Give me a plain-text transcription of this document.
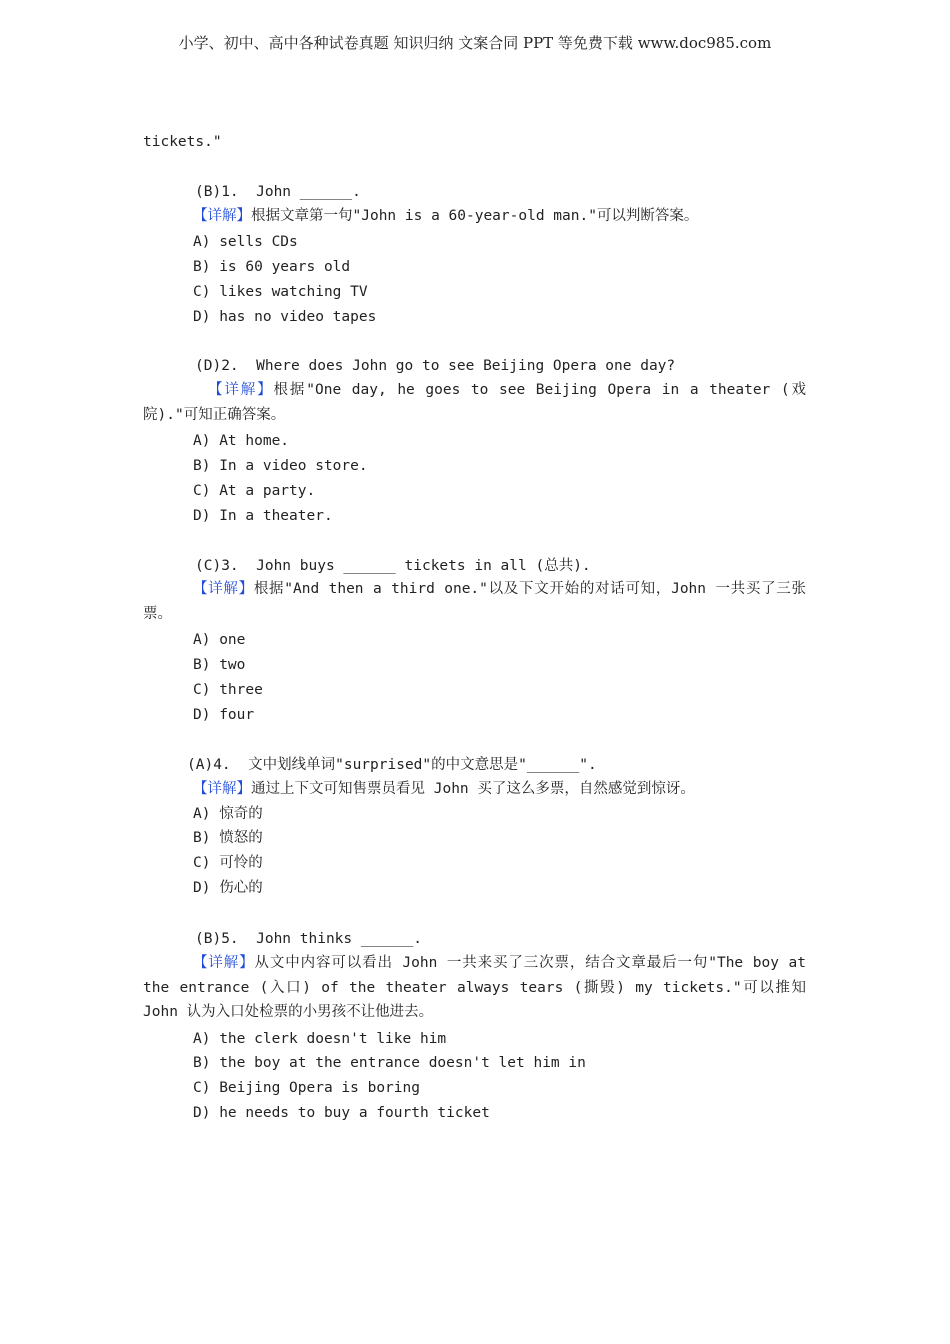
小学、初中、高中各种试卷真题 知识归纳 文案合同 PPT 等免费下载 www.doc985.com
tickets."
(B)1.  John ______.
【详解】根据文章第一句"John is a 60-year-old man."可以判断答案。
A) sells CDs
B) is 60 years old
C) likes watching TV
D) has no video tapes
(D)2.  Where does John go to see Beijing Opera one day?
【详解】根据"One day, he goes to see Beijing Opera in a theater (戏院)."可知正确答案。
A) At home.
B) In a video store.
C) At a party.
D) In a theater.
(C)3.  John buys ______ tickets in all (总共).
【详解】根据"And then a third one."以及下文开始的对话可知，John 一共买了三张票。
A) one
B) two
C) three
D) four
(A)4.  文中划线单词"surprised"的中文意思是"______".
【详解】通过上下文可知售票员看见 John 买了这么多票，自然感觉到惊讶。
A) 惊奇的
B) 愤怒的
C) 可怜的
D) 伤心的
(B)5.  John thinks ______.
【详解】从文中内容可以看出 John 一共来买了三次票，结合文章最后一句"The boy at the entrance (入口) of the theater always tears (撕毁) my tickets."可以推知 John 认为入口处检票的小男孩不让他进去。
A) the clerk doesn't like him
B) the boy at the entrance doesn't let him in
C) Beijing Opera is boring
D) he needs to buy a fourth ticket
